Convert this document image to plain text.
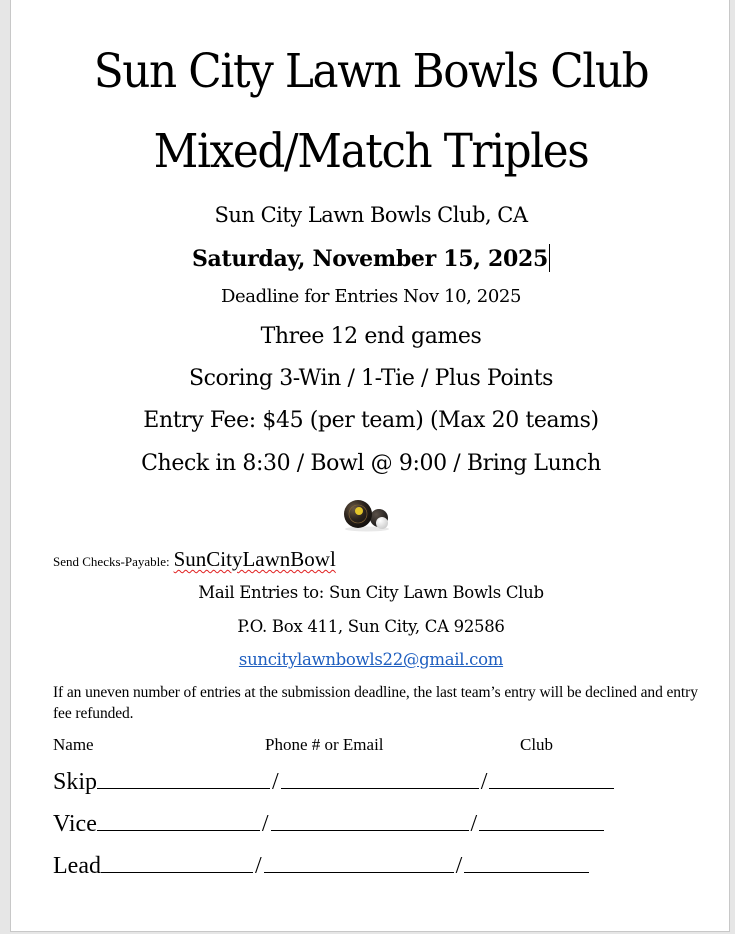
Sun City Lawn Bowls Club
Mixed/Match Triples
Sun City Lawn Bowls Club, CA
Saturday, November 15, 2025
Deadline for Entries Nov 10, 2025
Three 12 end games
Scoring 3-Win / 1-Tie / Plus Points
Entry Fee: $45 (per team) (Max 20 teams)
Check in 8:30 / Bowl @ 9:00 / Bring Lunch
Send Checks-Payable: SunCityLawnBowl
Mail Entries to: Sun City Lawn Bowls Club
P.O. Box 411, Sun City, CA 92586
suncitylawnbowls22@gmail.com
If an uneven number of entries at the submission deadline, the last team’s entry will be declined and entry fee refunded.
Name	Phone # or Email	Club
Skip	/	/
Vice	/	/
Lead	/	/
